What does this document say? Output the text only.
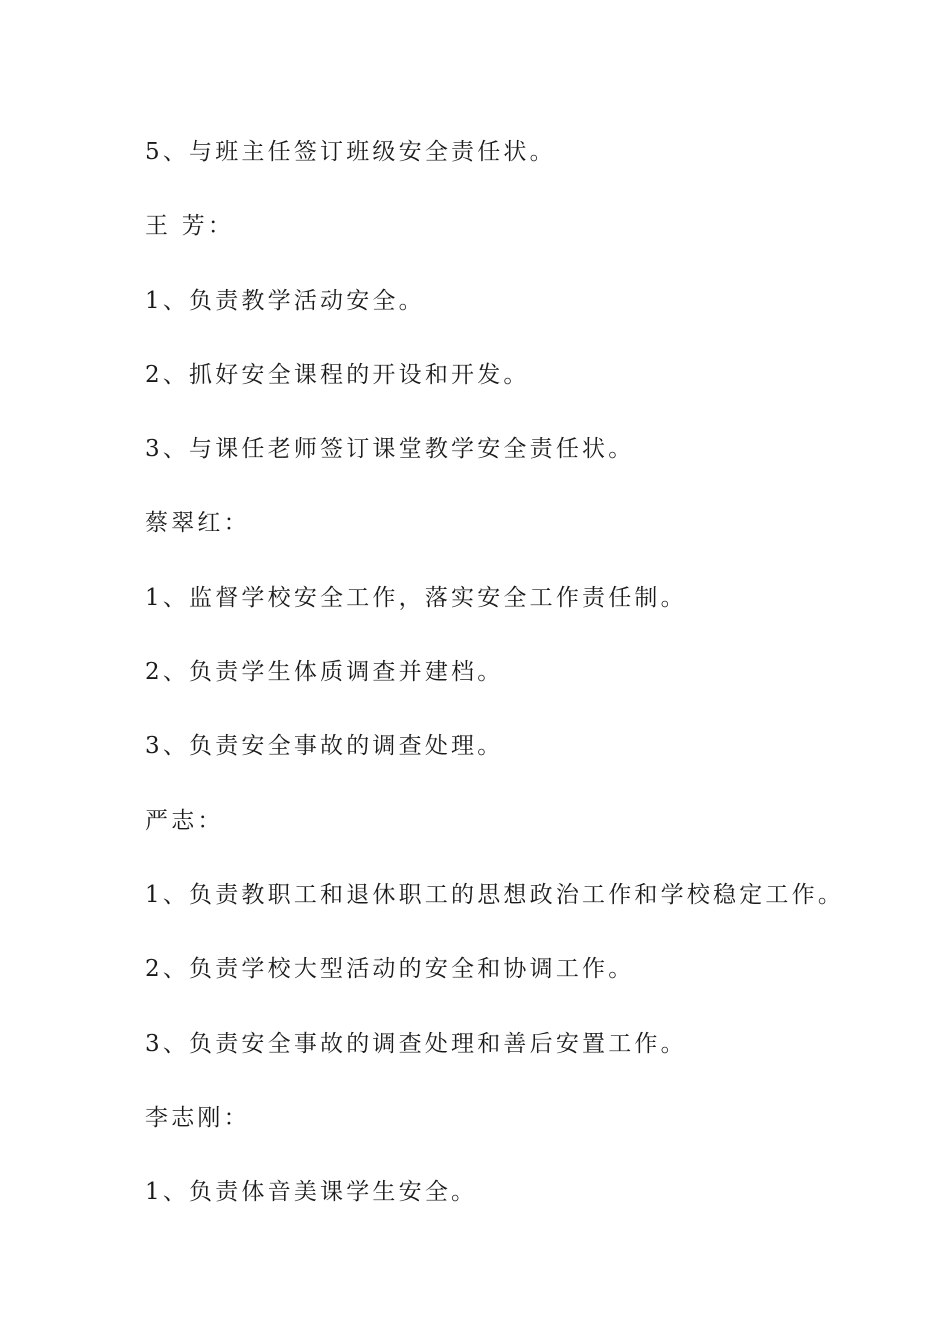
5、与班主任签订班级安全责任状。
王 芳：
1、负责教学活动安全。
2、抓好安全课程的开设和开发。
3、与课任老师签订课堂教学安全责任状。
蔡翠红：
1、监督学校安全工作，落实安全工作责任制。
2、负责学生体质调查并建档。
3、负责安全事故的调查处理。
严志：
1、负责教职工和退休职工的思想政治工作和学校稳定工作。
2、负责学校大型活动的安全和协调工作。
3、负责安全事故的调查处理和善后安置工作。
李志刚：
1、负责体音美课学生安全。
